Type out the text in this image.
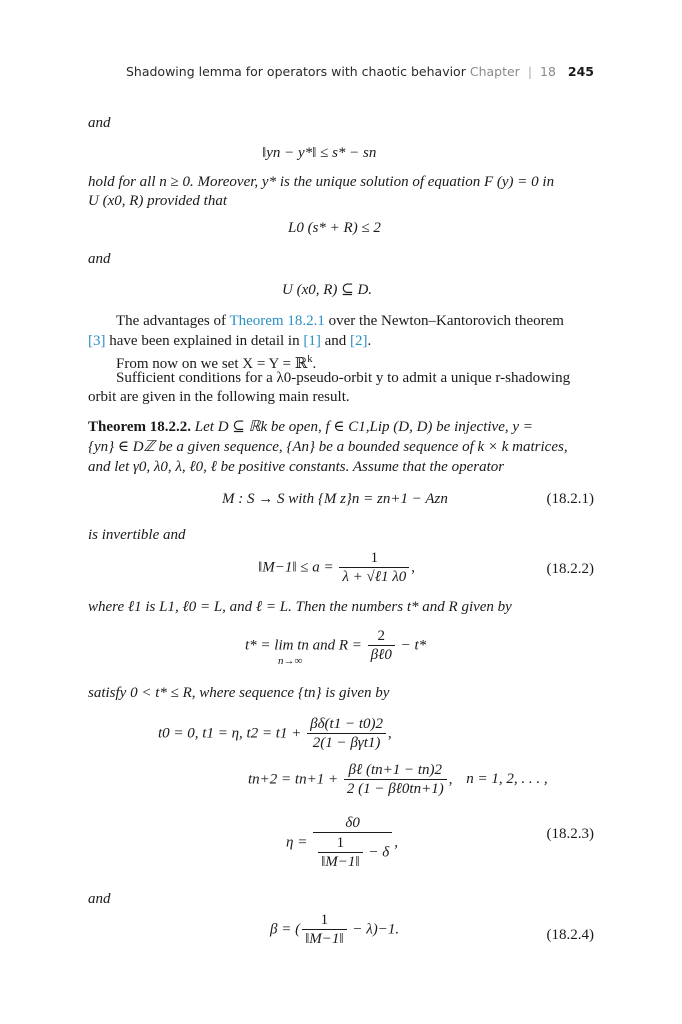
Shadowing lemma for operators with chaotic behavior Chapter | 18 245
and
‖yn − y*‖ ≤ s* − sn
hold for all n ≥ 0. Moreover, y* is the unique solution of equation F (y) = 0 in
U (x0, R) provided that
L0 (s* + R) ≤ 2
and
U (x0, R) ⊆ D.
The advantages of Theorem 18.2.1 over the Newton–Kantorovich theorem
[3] have been explained in detail in [1] and [2].
From now on we set X = Y = ℝ$^k$.
Sufficient conditions for a λ0-pseudo-orbit y to admit a unique r-shadowing
orbit are given in the following main result.
Theorem 18.2.2. Let D ⊆ ℝk be open, f ∈ C1,Lip (D, D) be injective, y =
{yn} ∈ Dℤ be a given sequence, {An} be a bounded sequence of k × k matrices,
and let γ0, λ0, λ, ℓ0, ℓ be positive constants. Assume that the operator
M : S → S with {M z}n = zn+1 − Azn	(18.2.1)
is invertible and
‖M−1‖ ≤ $a = \frac{1}{\text{λ + √ℓ1 λ0}}$ ,	(18.2.2)
where ℓ1 is L1, ℓ0 = L, and ℓ = L. Then the numbers t* and R given by
t* = lim tn and $R = \frac{2}{\text{βℓ0}} - t*$
n→∞
satisfy 0 < t* ≤ R, where sequence {tn} is given by
t0 = 0, t1 = η, $t2 = t1 + \frac{\beta\delta(t1 - t0)2}{\text{2(1 − βγt1)}}$ ,
$tn+2 = tn+1 + \frac{\text{βℓ (tn+1 − tn)2}}{\text{2 (1 − βℓ0tn+1)}}$ , n = 1, 2, . . . ,
$\eta = \frac{\delta 0}{\frac{1}{‖M-1‖} - \delta}$ ,
(18.2.3)
and
β = ( $\frac{1}{‖M-1‖} - \lambda)-1$.	(18.2.4)
